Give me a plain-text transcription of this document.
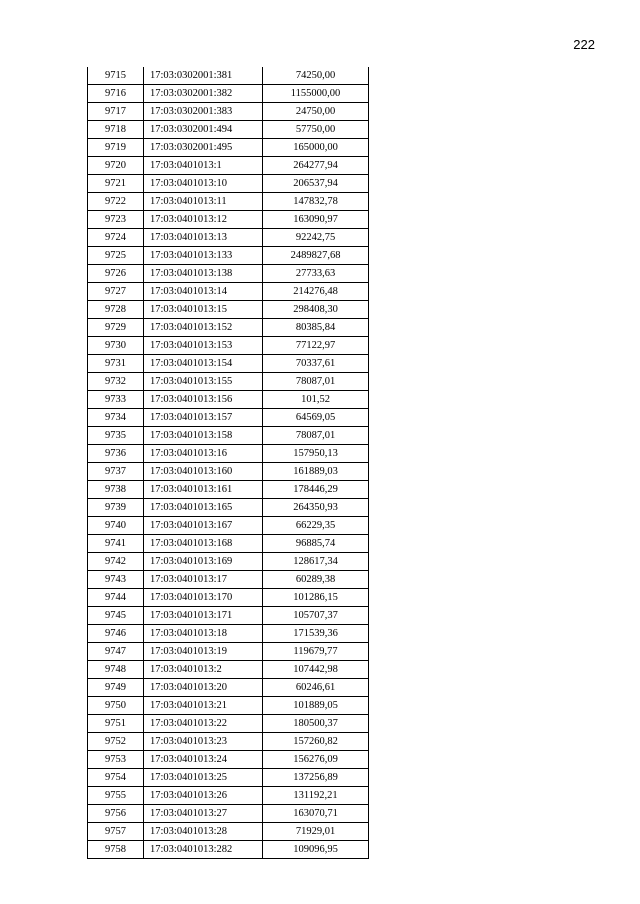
222
9715	17:03:0302001:381	74250,00
9716	17:03:0302001:382	1155000,00
9717	17:03:0302001:383	24750,00
9718	17:03:0302001:494	57750,00
9719	17:03:0302001:495	165000,00
9720	17:03:0401013:1	264277,94
9721	17:03:0401013:10	206537,94
9722	17:03:0401013:11	147832,78
9723	17:03:0401013:12	163090,97
9724	17:03:0401013:13	92242,75
9725	17:03:0401013:133	2489827,68
9726	17:03:0401013:138	27733,63
9727	17:03:0401013:14	214276,48
9728	17:03:0401013:15	298408,30
9729	17:03:0401013:152	80385,84
9730	17:03:0401013:153	77122,97
9731	17:03:0401013:154	70337,61
9732	17:03:0401013:155	78087,01
9733	17:03:0401013:156	101,52
9734	17:03:0401013:157	64569,05
9735	17:03:0401013:158	78087,01
9736	17:03:0401013:16	157950,13
9737	17:03:0401013:160	161889,03
9738	17:03:0401013:161	178446,29
9739	17:03:0401013:165	264350,93
9740	17:03:0401013:167	66229,35
9741	17:03:0401013:168	96885,74
9742	17:03:0401013:169	128617,34
9743	17:03:0401013:17	60289,38
9744	17:03:0401013:170	101286,15
9745	17:03:0401013:171	105707,37
9746	17:03:0401013:18	171539,36
9747	17:03:0401013:19	119679,77
9748	17:03:0401013:2	107442,98
9749	17:03:0401013:20	60246,61
9750	17:03:0401013:21	101889,05
9751	17:03:0401013:22	180500,37
9752	17:03:0401013:23	157260,82
9753	17:03:0401013:24	156276,09
9754	17:03:0401013:25	137256,89
9755	17:03:0401013:26	131192,21
9756	17:03:0401013:27	163070,71
9757	17:03:0401013:28	71929,01
9758	17:03:0401013:282	109096,95
